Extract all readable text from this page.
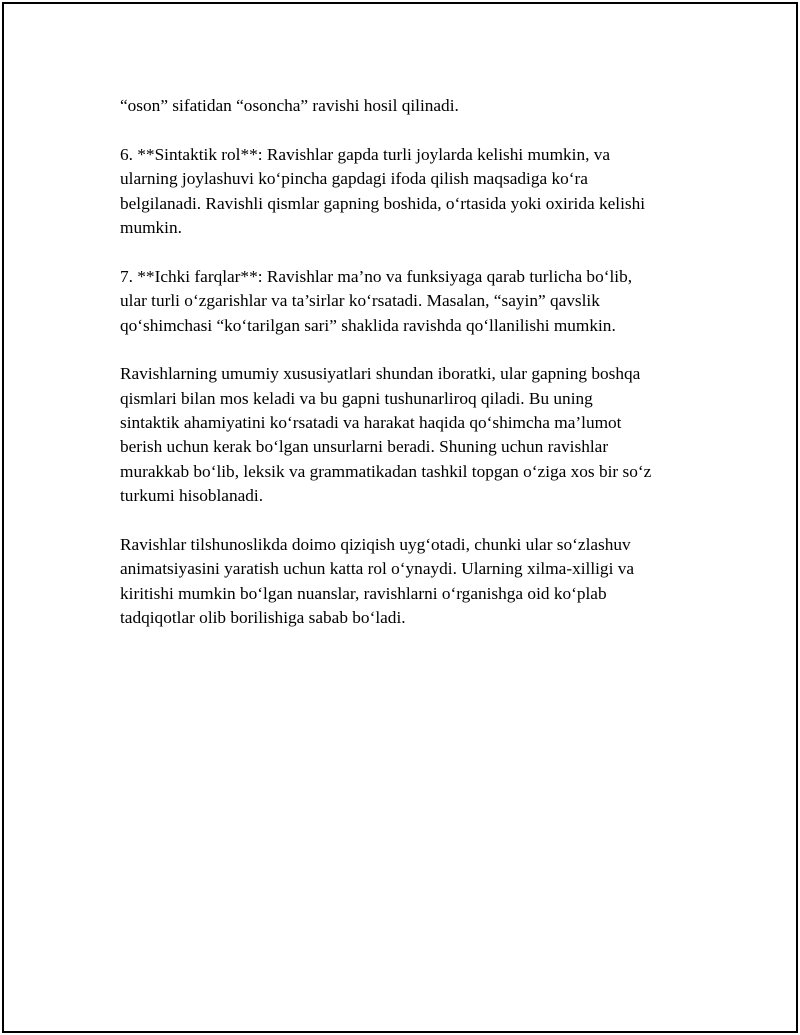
“oson” sifatidan “osoncha” ravishi hosil qilinadi.

6. **Sintaktik rol**: Ravishlar gapda turli joylarda kelishi mumkin, va
ularning joylashuvi ko‘pincha gapdagi ifoda qilish maqsadiga ko‘ra
belgilanadi. Ravishli qismlar gapning boshida, o‘rtasida yoki oxirida kelishi
mumkin.

7. **Ichki farqlar**: Ravishlar ma’no va funksiyaga qarab turlicha bo‘lib,
ular turli o‘zgarishlar va ta’sirlar ko‘rsatadi. Masalan, “sayin” qavslik
qo‘shimchasi “ko‘tarilgan sari” shaklida ravishda qo‘llanilishi mumkin.

Ravishlarning umumiy xususiyatlari shundan iboratki, ular gapning boshqa
qismlari bilan mos keladi va bu gapni tushunarliroq qiladi. Bu uning
sintaktik ahamiyatini ko‘rsatadi va harakat haqida qo‘shimcha ma’lumot
berish uchun kerak bo‘lgan unsurlarni beradi. Shuning uchun ravishlar
murakkab bo‘lib, leksik va grammatikadan tashkil topgan o‘ziga xos bir so‘z
turkumi hisoblanadi.

Ravishlar tilshunoslikda doimo qiziqish uyg‘otadi, chunki ular so‘zlashuv
animatsiyasini yaratish uchun katta rol o‘ynaydi. Ularning xilma-xilligi va
kiritishi mumkin bo‘lgan nuanslar, ravishlarni o‘rganishga oid ko‘plab
tadqiqotlar olib borilishiga sabab bo‘ladi.
